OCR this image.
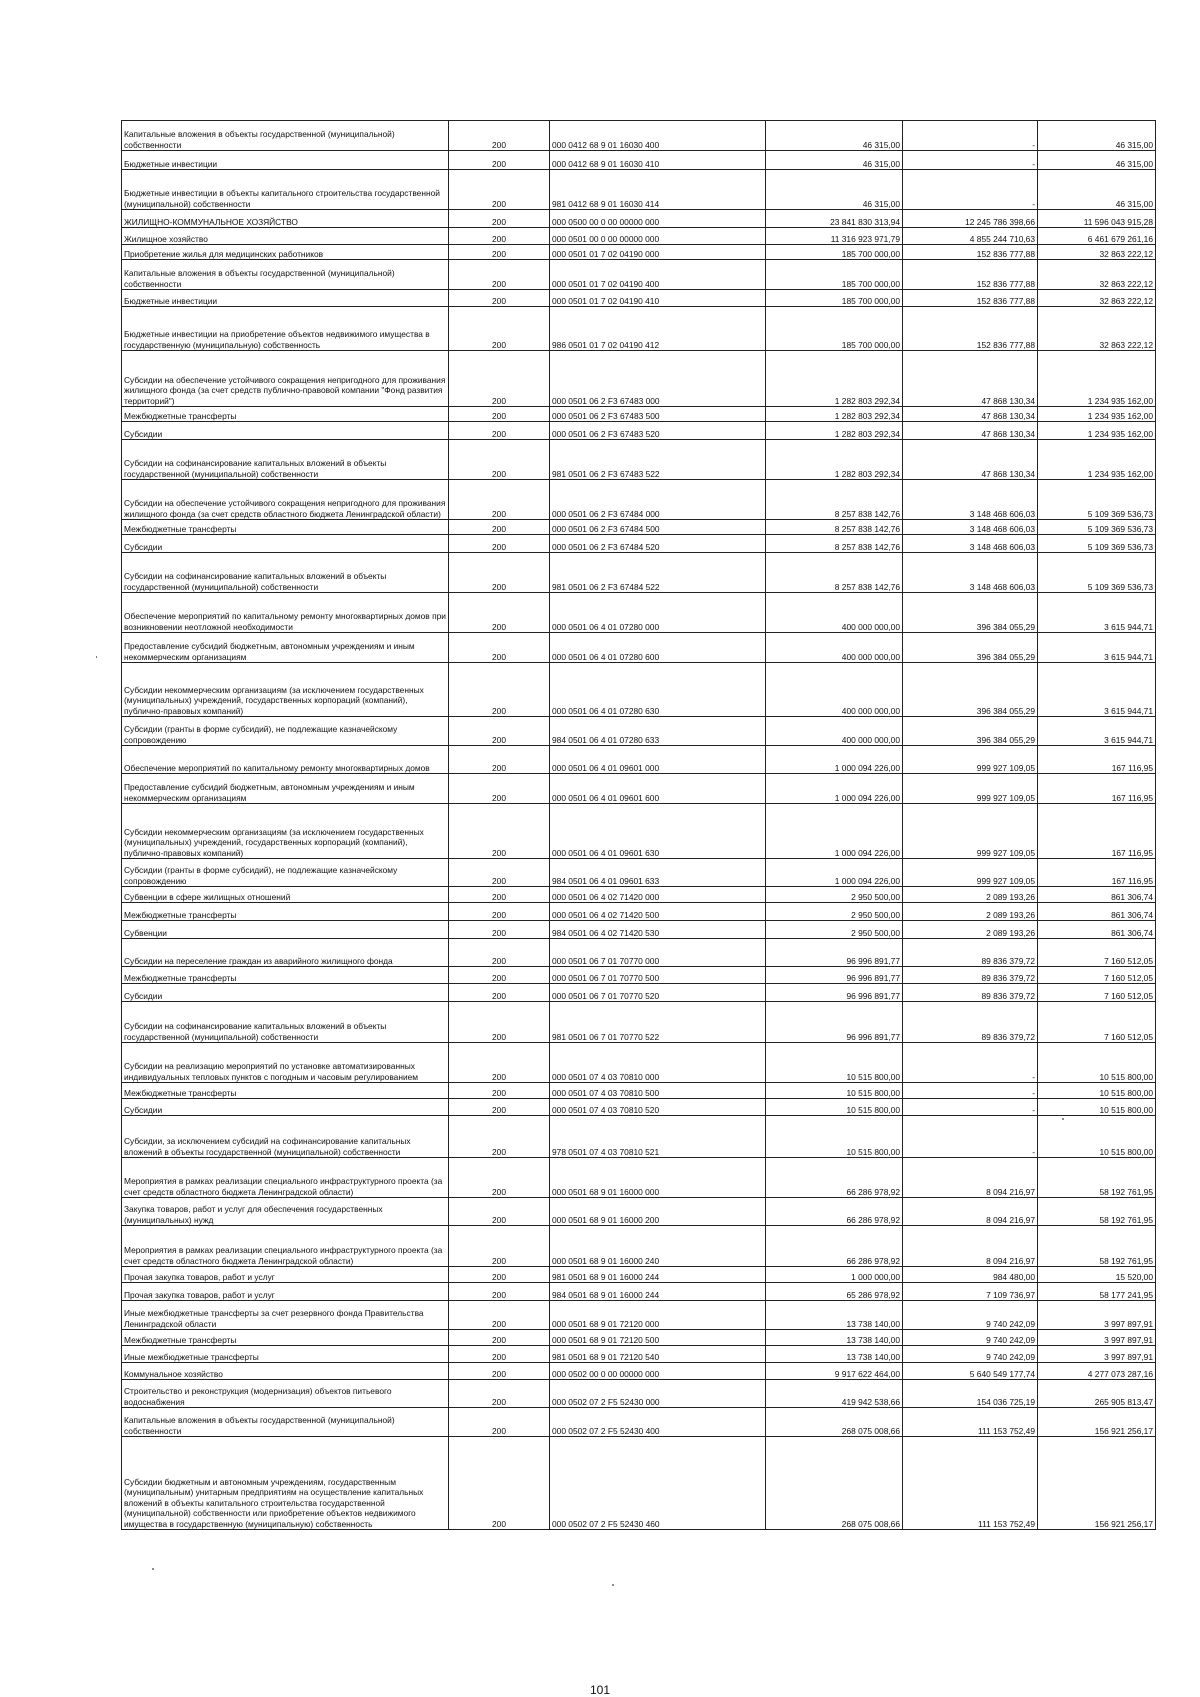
Капитальные вложения в объекты государственной (муниципальной) собственности	200	000 0412 68 9 01 16030 400	46 315,00	-	46 315,00

Бюджетные инвестиции	200	000 0412 68 9 01 16030 410	46 315,00	-	46 315,00

Бюджетные инвестиции в объекты капитального строительства государственной (муниципальной) собственности	200	981 0412 68 9 01 16030 414	46 315,00	-	46 315,00

ЖИЛИЩНО-КОММУНАЛЬНОЕ ХОЗЯЙСТВО	200	000 0500 00 0 00 00000 000	23 841 830 313,94	12 245 786 398,66	11 596 043 915,28

Жилищное хозяйство	200	000 0501 00 0 00 00000 000	11 316 923 971,79	4 855 244 710,63	6 461 679 261,16

Приобретение жилья для медицинских работников	200	000 0501 01 7 02 04190 000	185 700 000,00	152 836 777,88	32 863 222,12

Капитальные вложения в объекты государственной (муниципальной) собственности	200	000 0501 01 7 02 04190 400	185 700 000,00	152 836 777,88	32 863 222,12

Бюджетные инвестиции	200	000 0501 01 7 02 04190 410	185 700 000,00	152 836 777,88	32 863 222,12

Бюджетные инвестиции на приобретение объектов недвижимого имущества в государственную (муниципальную) собственность	200	986 0501 01 7 02 04190 412	185 700 000,00	152 836 777,88	32 863 222,12

Субсидии на обеспечение устойчивого сокращения непригодного для проживания жилищного фонда (за счет средств публично-правовой компании "Фонд развития территорий")	200	000 0501 06 2 F3 67483 000	1 282 803 292,34	47 868 130,34	1 234 935 162,00

Межбюджетные трансферты	200	000 0501 06 2 F3 67483 500	1 282 803 292,34	47 868 130,34	1 234 935 162,00

Субсидии	200	000 0501 06 2 F3 67483 520	1 282 803 292,34	47 868 130,34	1 234 935 162,00

Субсидии на софинансирование капитальных вложений в объекты государственной (муниципальной) собственности	200	981 0501 06 2 F3 67483 522	1 282 803 292,34	47 868 130,34	1 234 935 162,00

Субсидии на обеспечение устойчивого сокращения непригодного для проживания жилищного фонда (за счет средств областного бюджета Ленинградской области)	200	000 0501 06 2 F3 67484 000	8 257 838 142,76	3 148 468 606,03	5 109 369 536,73

Межбюджетные трансферты	200	000 0501 06 2 F3 67484 500	8 257 838 142,76	3 148 468 606,03	5 109 369 536,73

Субсидии	200	000 0501 06 2 F3 67484 520	8 257 838 142,76	3 148 468 606,03	5 109 369 536,73

Субсидии на софинансирование капитальных вложений в объекты государственной (муниципальной) собственности	200	981 0501 06 2 F3 67484 522	8 257 838 142,76	3 148 468 606,03	5 109 369 536,73

Обеспечение мероприятий по капитальному ремонту многоквартирных домов при возникновении неотложной необходимости	200	000 0501 06 4 01 07280 000	400 000 000,00	396 384 055,29	3 615 944,71

Предоставление субсидий бюджетным, автономным учреждениям и иным некоммерческим организациям	200	000 0501 06 4 01 07280 600	400 000 000,00	396 384 055,29	3 615 944,71

Субсидии некоммерческим организациям (за исключением государственных (муниципальных) учреждений, государственных корпораций (компаний), публично-правовых компаний)	200	000 0501 06 4 01 07280 630	400 000 000,00	396 384 055,29	3 615 944,71

Субсидии (гранты в форме субсидий), не подлежащие казначейскому сопровождению	200	984 0501 06 4 01 07280 633	400 000 000,00	396 384 055,29	3 615 944,71

Обеспечение мероприятий по капитальному ремонту многоквартирных домов	200	000 0501 06 4 01 09601 000	1 000 094 226,00	999 927 109,05	167 116,95

Предоставление субсидий бюджетным, автономным учреждениям и иным некоммерческим организациям	200	000 0501 06 4 01 09601 600	1 000 094 226,00	999 927 109,05	167 116,95

Субсидии некоммерческим организациям (за исключением государственных (муниципальных) учреждений, государственных корпораций (компаний), публично-правовых компаний)	200	000 0501 06 4 01 09601 630	1 000 094 226,00	999 927 109,05	167 116,95

Субсидии (гранты в форме субсидий), не подлежащие казначейскому сопровождению	200	984 0501 06 4 01 09601 633	1 000 094 226,00	999 927 109,05	167 116,95

Субвенции в сфере жилищных отношений	200	000 0501 06 4 02 71420 000	2 950 500,00	2 089 193,26	861 306,74

Межбюджетные трансферты	200	000 0501 06 4 02 71420 500	2 950 500,00	2 089 193,26	861 306,74

Субвенции	200	984 0501 06 4 02 71420 530	2 950 500,00	2 089 193,26	861 306,74

Субсидии на переселение граждан из аварийного жилищного фонда	200	000 0501 06 7 01 70770 000	96 996 891,77	89 836 379,72	7 160 512,05

Межбюджетные трансферты	200	000 0501 06 7 01 70770 500	96 996 891,77	89 836 379,72	7 160 512,05

Субсидии	200	000 0501 06 7 01 70770 520	96 996 891,77	89 836 379,72	7 160 512,05

Субсидии на софинансирование капитальных вложений в объекты государственной (муниципальной) собственности	200	981 0501 06 7 01 70770 522	96 996 891,77	89 836 379,72	7 160 512,05

Субсидии на реализацию мероприятий по установке автоматизированных индивидуальных тепловых пунктов с погодным и часовым регулированием	200	000 0501 07 4 03 70810 000	10 515 800,00	-	10 515 800,00

Межбюджетные трансферты	200	000 0501 07 4 03 70810 500	10 515 800,00	-	10 515 800,00

Субсидии	200	000 0501 07 4 03 70810 520	10 515 800,00	-	10 515 800,00

Субсидии, за исключением субсидий на софинансирование капитальных вложений в объекты государственной (муниципальной) собственности	200	978 0501 07 4 03 70810 521	10 515 800,00	-	10 515 800,00

Мероприятия в рамках реализации специального инфраструктурного проекта (за счет средств областного бюджета Ленинградской области)	200	000 0501 68 9 01 16000 000	66 286 978,92	8 094 216,97	58 192 761,95

Закупка товаров, работ и услуг для обеспечения государственных (муниципальных) нужд	200	000 0501 68 9 01 16000 200	66 286 978,92	8 094 216,97	58 192 761,95

Мероприятия в рамках реализации специального инфраструктурного проекта (за счет средств областного бюджета Ленинградской области)	200	000 0501 68 9 01 16000 240	66 286 978,92	8 094 216,97	58 192 761,95

Прочая закупка товаров, работ и услуг	200	981 0501 68 9 01 16000 244	1 000 000,00	984 480,00	15 520,00

Прочая закупка товаров, работ и услуг	200	984 0501 68 9 01 16000 244	65 286 978,92	7 109 736,97	58 177 241,95

Иные межбюджетные трансферты за счет резервного фонда Правительства Ленинградской области	200	000 0501 68 9 01 72120 000	13 738 140,00	9 740 242,09	3 997 897,91

Межбюджетные трансферты	200	000 0501 68 9 01 72120 500	13 738 140,00	9 740 242,09	3 997 897,91

Иные межбюджетные трансферты	200	981 0501 68 9 01 72120 540	13 738 140,00	9 740 242,09	3 997 897,91

Коммунальное хозяйство	200	000 0502 00 0 00 00000 000	9 917 622 464,00	5 640 549 177,74	4 277 073 287,16

Строительство и реконструкция (модернизация) объектов питьевого водоснабжения	200	000 0502 07 2 F5 52430 000	419 942 538,66	154 036 725,19	265 905 813,47

Капитальные вложения в объекты государственной (муниципальной) собственности	200	000 0502 07 2 F5 52430 400	268 075 008,66	111 153 752,49	156 921 256,17

Субсидии бюджетным и автономным учреждениям, государственным (муниципальным) унитарным предприятиям на осуществление капитальных вложений в объекты капитального строительства государственной (муниципальной) собственности или приобретение объектов недвижимого имущества в государственную (муниципальную) собственность	200	000 0502 07 2 F5 52430 460	268 075 008,66	111 153 752,49	156 921 256,17
101
